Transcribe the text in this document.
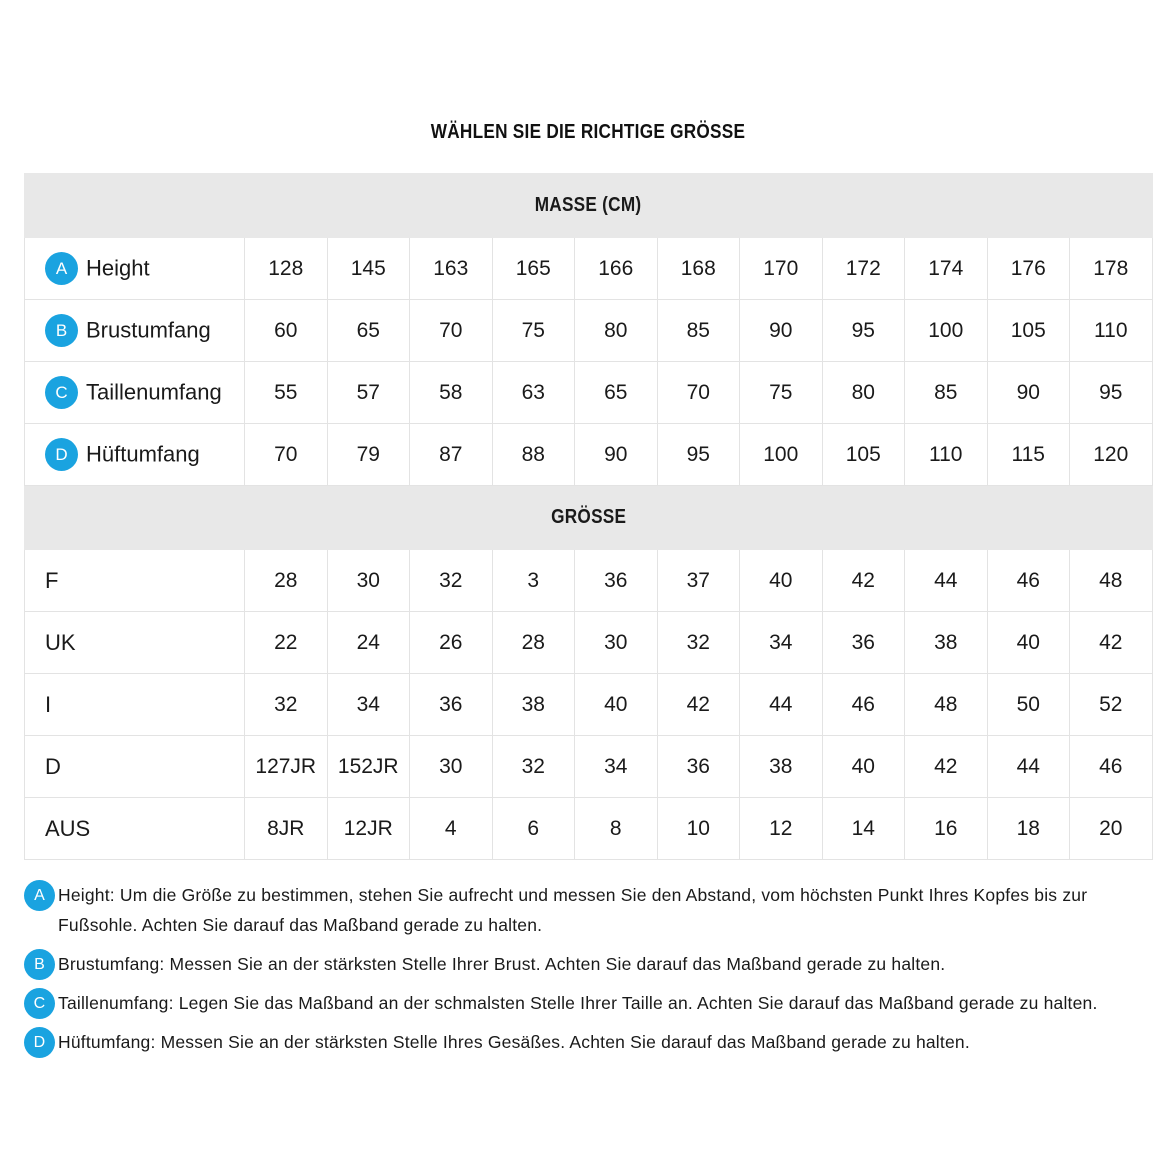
WÄHLEN SIE DIE RICHTIGE GRÖSSE
MASSE (CM)											
A Height	128	145	163	165	166	168	170	172	174	176	178
B Brustumfang	60	65	70	75	80	85	90	95	100	105	110
C Taillenumfang	55	57	58	63	65	70	75	80	85	90	95
D Hüftumfang	70	79	87	88	90	95	100	105	110	115	120
GRÖSSE											
F	28	30	32	3	36	37	40	42	44	46	48
UK	22	24	26	28	30	32	34	36	38	40	42
I	32	34	36	38	40	42	44	46	48	50	52
D	127JR	152JR	30	32	34	36	38	40	42	44	46
AUS	8JR	12JR	4	6	8	10	12	14	16	18	20
A Height: Um die Größe zu bestimmen, stehen Sie aufrecht und messen Sie den Abstand, vom höchsten Punkt Ihres Kopfes bis zur Fußsohle. Achten Sie darauf das Maßband gerade zu halten.
B Brustumfang: Messen Sie an der stärksten Stelle Ihrer Brust. Achten Sie darauf das Maßband gerade zu halten.
C Taillenumfang: Legen Sie das Maßband an der schmalsten Stelle Ihrer Taille an. Achten Sie darauf das Maßband gerade zu halten.
D Hüftumfang: Messen Sie an der stärksten Stelle Ihres Gesäßes. Achten Sie darauf das Maßband gerade zu halten.
